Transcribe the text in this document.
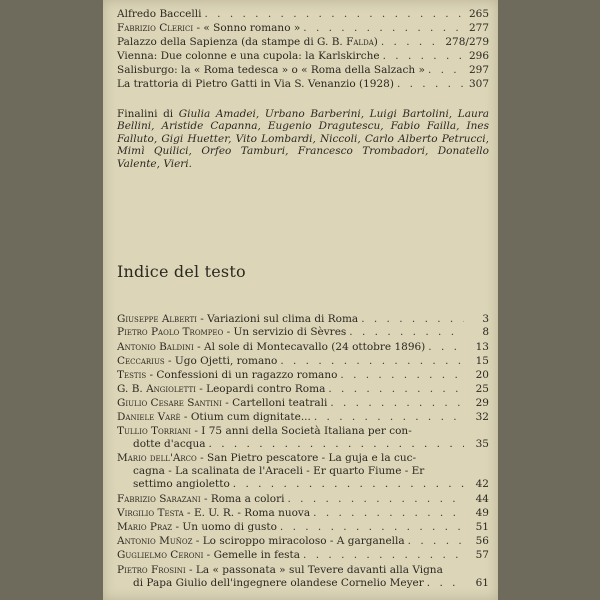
Alfredo Baccelli . . .	265
Fabrizio Clerici - « Sonno romano » . . .	277
Palazzo della Sapienza (da stampe di G. B. Falda) . . .	278/279
Vienna: Due colonne e una cupola: la Karlskirche . . .	296
Salisburgo: la « Roma tedesca » o « Roma della Salzach » . . .	297
La trattoria di Pietro Gatti in Via S. Venanzio (1928) . . .	307
Finalini di Giulia Amadei, Urbano Barberini, Luigi Bartolini, Laura Bellini, Aristide Capanna, Eugenio Dragutescu, Fabio Failla, Ines Falluto, Gigi Huetter, Vito Lombardi, Niccoli, Carlo Alberto Petrucci, Mimì Quilici, Orfeo Tamburi, Francesco Trombadori, Donatello Valente, Vieri.
Indice del testo
Giuseppe Alberti - Variazioni sul clima di Roma . . .	3
Pietro Paolo Trompeo - Un servizio di Sèvres . . .	8
Antonio Baldini - Al sole di Montecavallo (24 ottobre 1896) . . .	13
Ceccarius - Ugo Ojetti, romano . . .	15
Testis - Confessioni di un ragazzo romano . . .	20
G. B. Angioletti - Leopardi contro Roma . . .	25
Giulio Cesare Santini - Cartelloni teatrali . . .	29
Daniele Varè - Otium cum dignitate... . . .	32
Tullio Torriani - I 75 anni della Società Italiana per con-
dotte d'acqua . . .	35
Mario dell'Arco - San Pietro pescatore - La guja e la cuc-
cagna - La scalinata de l'Araceli - Er quarto Fiume - Er
settimo angioletto . . .	42
Fabrizio Sarazani - Roma a colori . . .	44
Virgilio Testa - E. U. R. - Roma nuova . . .	49
Mario Praz - Un uomo di gusto . . .	51
Antonio Muñoz - Lo sciroppo miracoloso - A garganella . . .	56
Guglielmo Ceroni - Gemelle in festa . . .	57
Pietro Frosini - La « passonata » sul Tevere davanti alla Vigna
di Papa Giulio dell'ingegnere olandese Cornelio Meyer . . .	61
